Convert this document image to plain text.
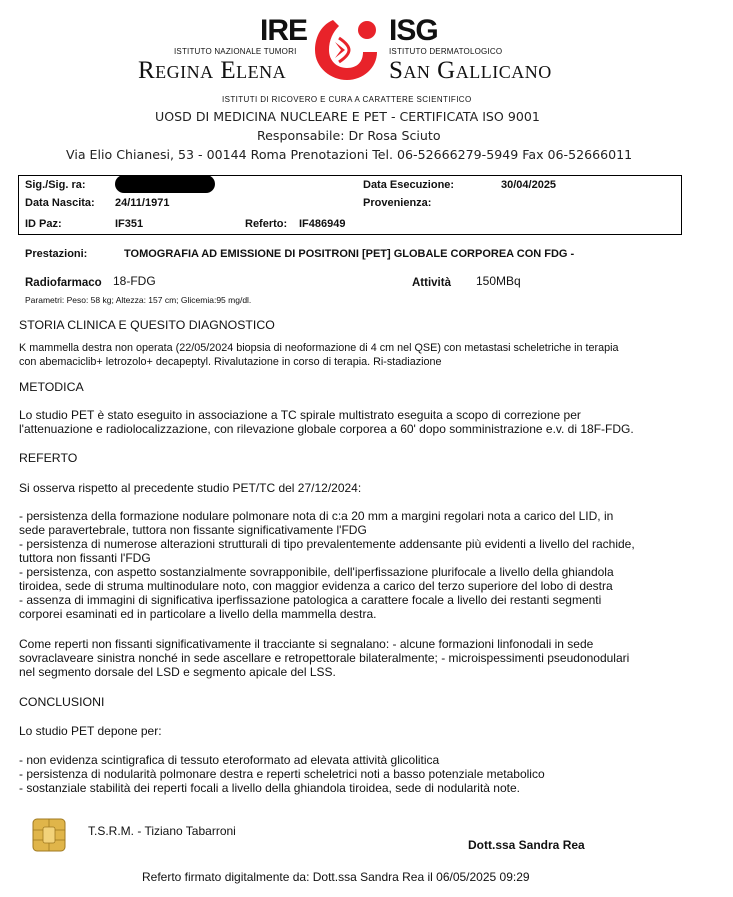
IRE
ISTITUTO NAZIONALE TUMORI
Regina Elena
ISG
ISTITUTO DERMATOLOGICO
San Gallicano
ISTITUTI DI RICOVERO E CURA A CARATTERE SCIENTIFICO
UOSD DI MEDICINA NUCLEARE E PET - CERTIFICATA ISO 9001
Responsabile: Dr Rosa Sciuto
Via Elio Chianesi, 53 - 00144 Roma Prenotazioni Tel. 06-52666279-5949 Fax 06-52666011
Sig./Sig. ra:	Data Esecuzione:	30/04/2025
Data Nascita: 24/11/1971	Provenienza:
ID Paz:	IF351	Referto: IF486949
Prestazioni:	TOMOGRAFIA AD EMISSIONE DI POSITRONI [PET] GLOBALE CORPOREA CON FDG -
Radiofarmaco 18-FDG	Attività 150MBq
Parametri: Peso: 58 kg; Altezza: 157 cm; Glicemia:95 mg/dl.
STORIA CLINICA E QUESITO DIAGNOSTICO
K mammella destra non operata (22/05/2024 biopsia di neoformazione di 4 cm nel QSE) con metastasi scheletriche in terapia
con abemaciclib+ letrozolo+ decapeptyl. Rivalutazione in corso di terapia. Ri-stadiazione
METODICA
Lo studio PET è stato eseguito in associazione a TC spirale multistrato eseguita a scopo di correzione per
l'attenuazione e radiolocalizzazione, con rilevazione globale corporea a 60' dopo somministrazione e.v. di 18F-FDG.
REFERTO
Si osserva rispetto al precedente studio PET/TC del 27/12/2024:
- persistenza della formazione nodulare polmonare nota di c:a 20 mm a margini regolari nota a carico del LID, in
sede paravertebrale, tuttora non fissante significativamente l'FDG
- persistenza di numerose alterazioni strutturali di tipo prevalentemente addensante più evidenti a livello del rachide,
tuttora non fissanti l'FDG
- persistenza, con aspetto sostanzialmente sovrapponibile, dell'iperfissazione plurifocale a livello della ghiandola
tiroidea, sede di struma multinodulare noto, con maggior evidenza a carico del terzo superiore del lobo di destra
- assenza di immagini di significativa iperfissazione patologica a carattere focale a livello dei restanti segmenti
corporei esaminati ed in particolare a livello della mammella destra.
Come reperti non fissanti significativamente il tracciante si segnalano: - alcune formazioni linfonodali in sede
sovraclaveare sinistra nonché in sede ascellare e retropettorale bilateralmente; - microispessimenti pseudonodulari
nel segmento dorsale del LSD e segmento apicale del LSS.
CONCLUSIONI
Lo studio PET depone per:
- non evidenza scintigrafica di tessuto eteroformato ad elevata attività glicolitica
- persistenza di nodularità polmonare destra e reperti scheletrici noti a basso potenziale metabolico
- sostanziale stabilità dei reperti focali a livello della ghiandola tiroidea, sede di nodularità note.
T.S.R.M. - Tiziano Tabarroni
Dott.ssa Sandra Rea
Referto firmato digitalmente da: Dott.ssa Sandra Rea il 06/05/2025 09:29
